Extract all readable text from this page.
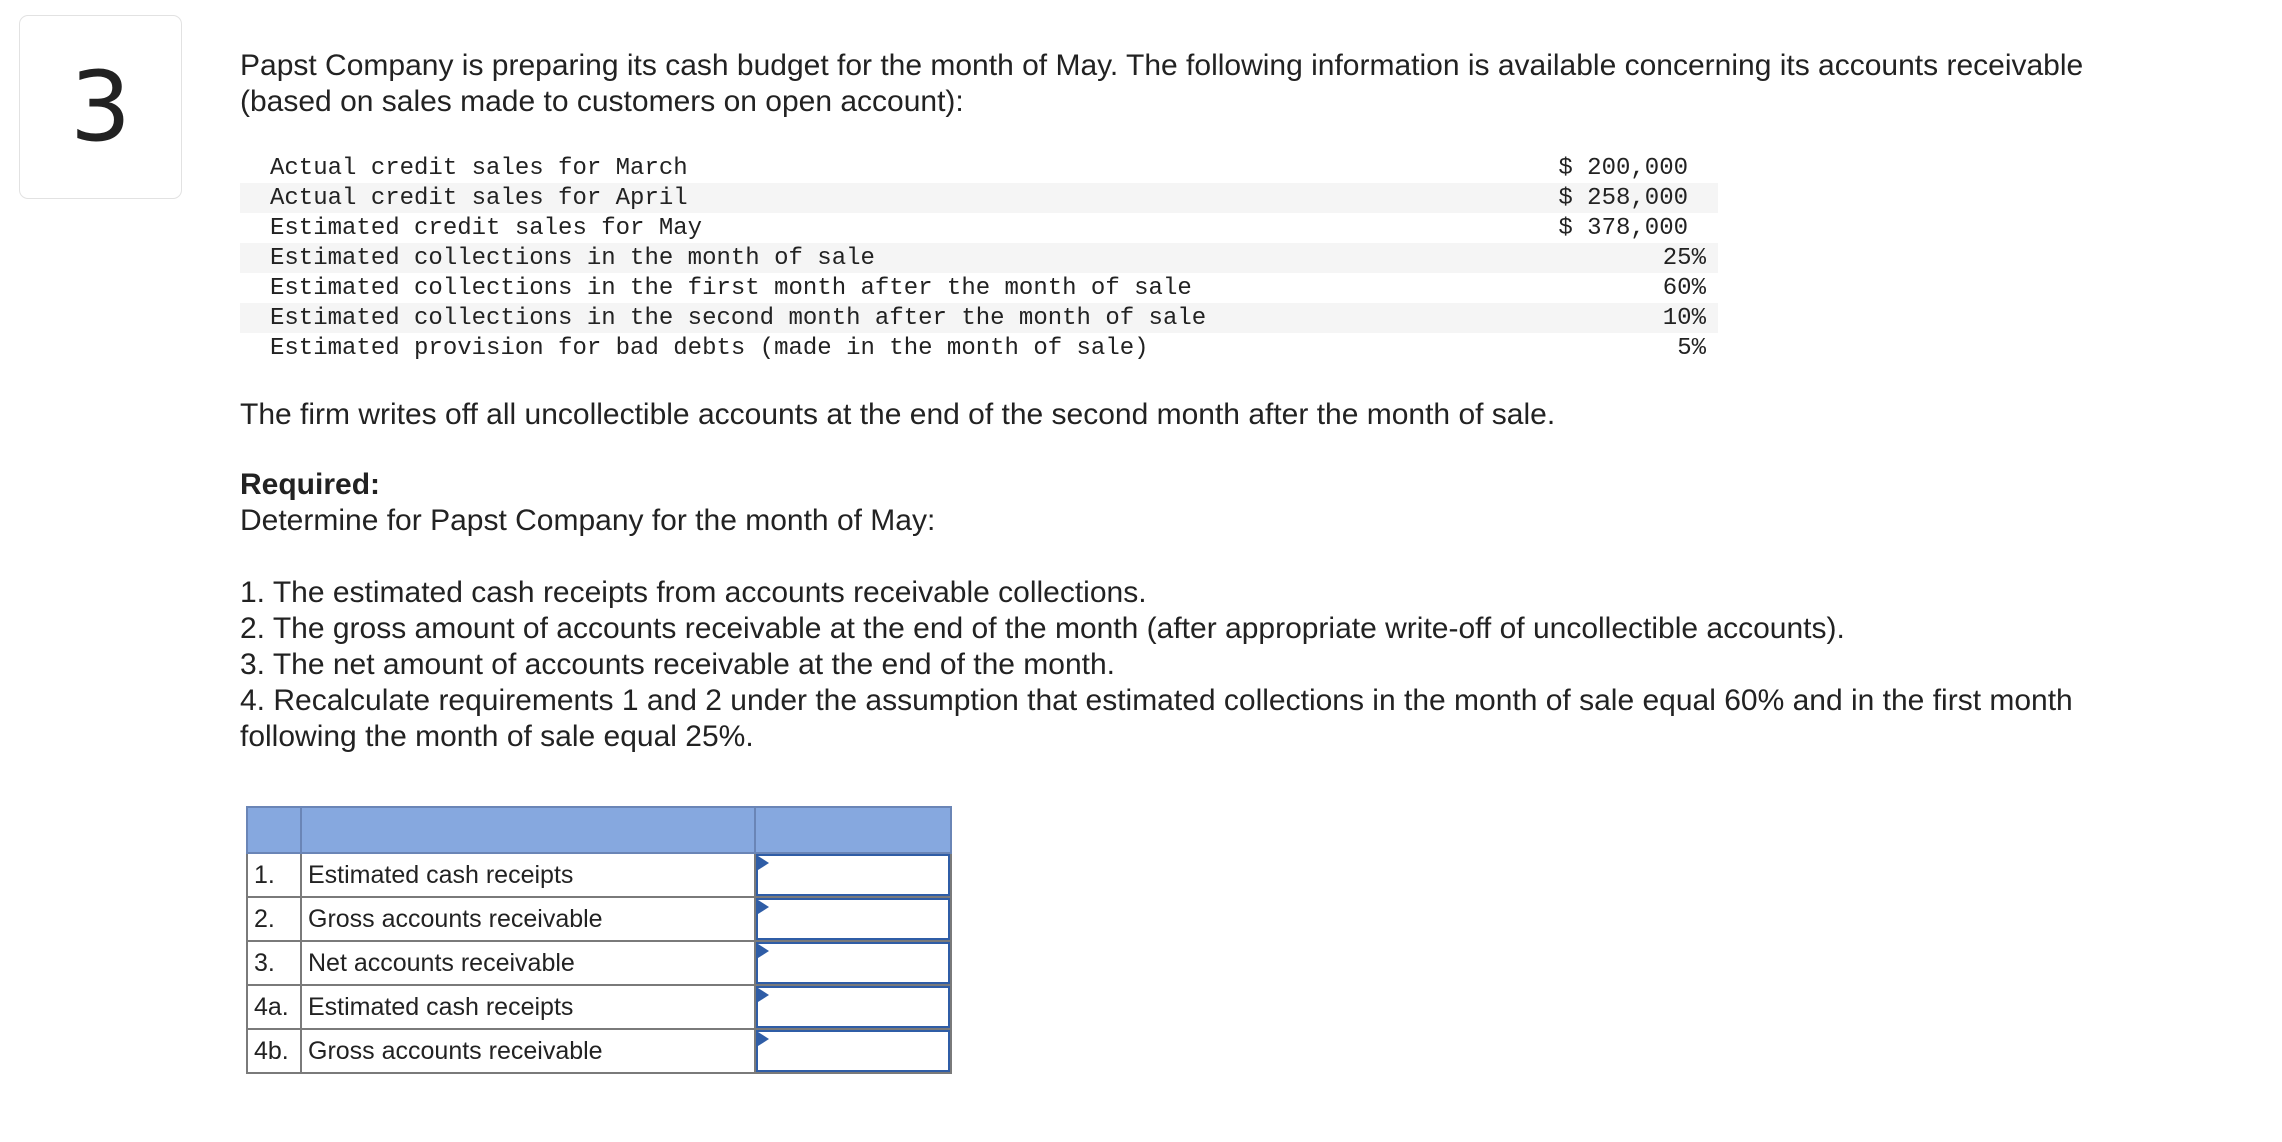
3	Papst Company is preparing its cash budget for the month of May. The following information is available concerning its accounts receivable (based on sales made to customers on open account):

Actual credit sales for March	$ 200,000
Actual credit sales for April	$ 258,000
Estimated credit sales for May	$ 378,000
Estimated collections in the month of sale	25%
Estimated collections in the first month after the month of sale	60%
Estimated collections in the second month after the month of sale	10%
Estimated provision for bad debts (made in the month of sale)	5%

The firm writes off all uncollectible accounts at the end of the second month after the month of sale.

Required:

Determine for Papst Company for the month of May:

1. The estimated cash receipts from accounts receivable collections.

2. The gross amount of accounts receivable at the end of the month (after appropriate write-off of uncollectible accounts).

3. The net amount of accounts receivable at the end of the month.

4. Recalculate requirements 1 and 2 under the assumption that estimated collections in the month of sale equal 60% and in the first month following the month of sale equal 25%.

1.	Estimated cash receipts	

2.	Gross accounts receivable	

3.	Net accounts receivable	

4a.	Estimated cash receipts	

4b.	Gross accounts receivable	
